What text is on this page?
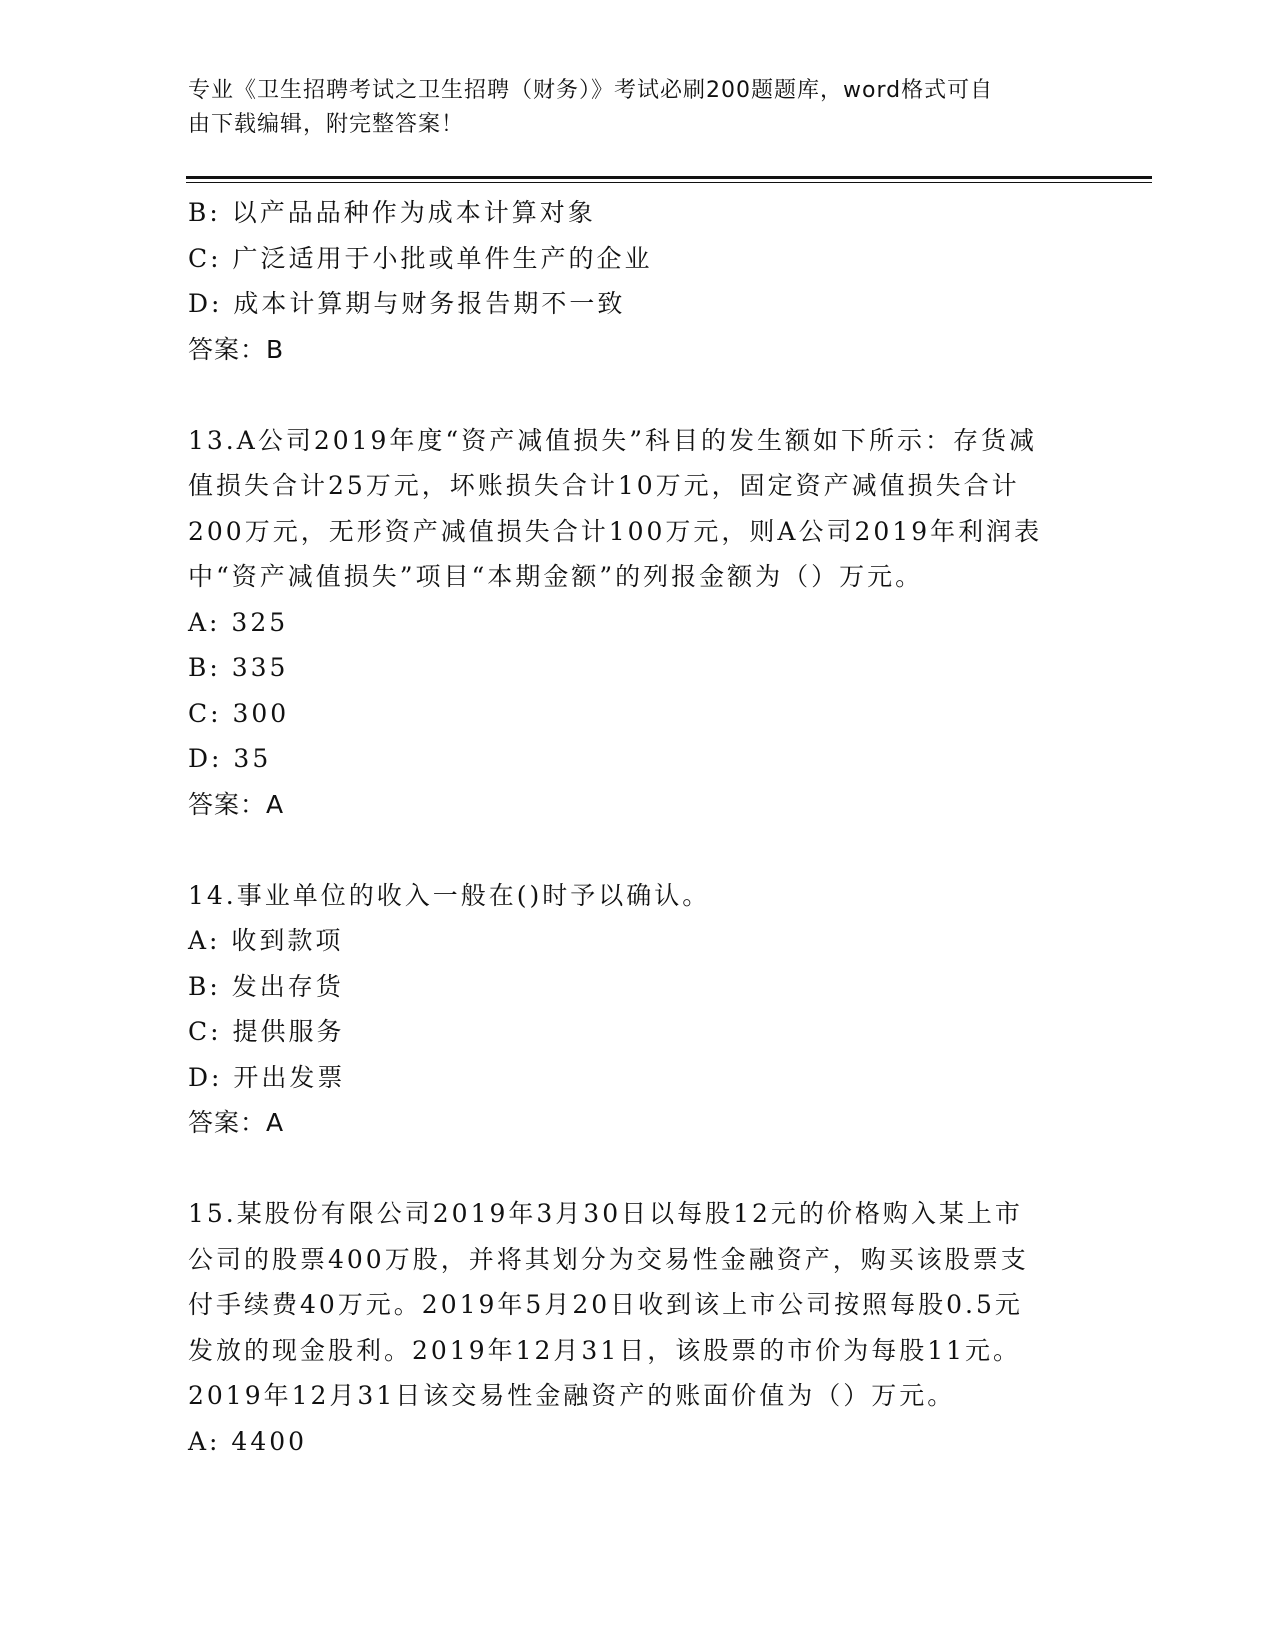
专业《卫生招聘考试之卫生招聘（财务）》考试必刷200题题库，word格式可自
由下载编辑，附完整答案！
B: 以产品品种作为成本计算对象
C: 广泛适用于小批或单件生产的企业
D: 成本计算期与财务报告期不一致
答案：B
13.A公司2019年度“资产减值损失”科目的发生额如下所示：存货减
值损失合计25万元，坏账损失合计10万元，固定资产减值损失合计
200万元，无形资产减值损失合计100万元，则A公司2019年利润表
中“资产减值损失”项目“本期金额”的列报金额为（）万元。
A: 325
B: 335
C: 300
D: 35
答案：A
14.事业单位的收入一般在()时予以确认。
A: 收到款项
B: 发出存货
C: 提供服务
D: 开出发票
答案：A
15.某股份有限公司2019年3月30日以每股12元的价格购入某上市
公司的股票400万股，并将其划分为交易性金融资产，购买该股票支
付手续费40万元。2019年5月20日收到该上市公司按照每股0.5元
发放的现金股利。2019年12月31日，该股票的市价为每股11元。
2019年12月31日该交易性金融资产的账面价值为（）万元。
A: 4400
